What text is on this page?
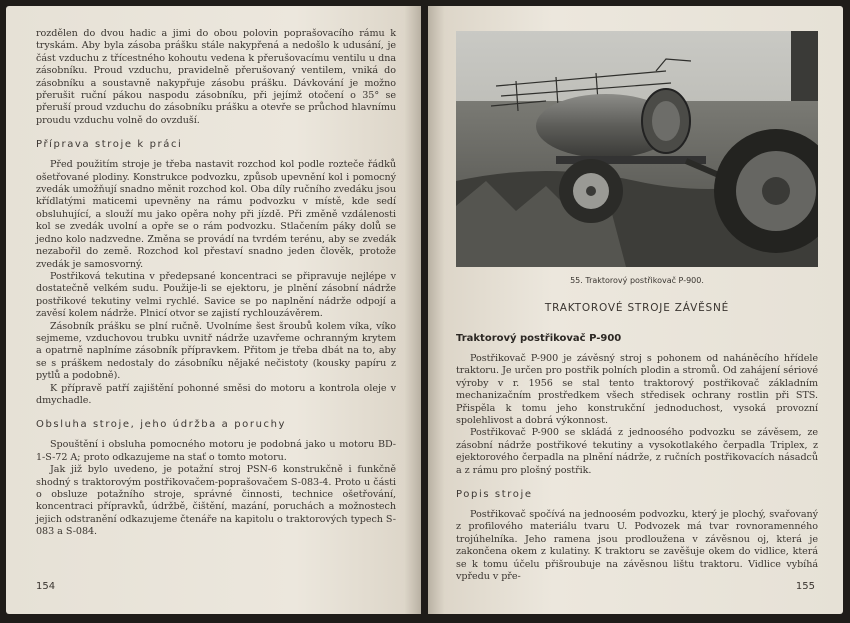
rozdělen do dvou hadic a jimi do obou polovin poprašovacího rámu k tryskám. Aby byla zásoba prášku stále nakypřená a nedošlo k udusání, je část vzduchu z třícestného kohoutu vedena k přerušovacímu ventilu u dna zásobníku. Proud vzduchu, pravidelně přerušovaný ventilem, vniká do zásobníku a soustavně nakypřuje zásobu prášku. Dávkování je možno přerušit ruční pákou naspodu zásobníku, při jejímž otočení o 35° se přeruší proud vzduchu do zásobníku prášku a otevře se průchod hlavnímu proudu vzduchu volně do ovzduší.

Příprava stroje k práci

Před použitím stroje je třeba nastavit rozchod kol podle rozteče řádků ošetřované plodiny. Konstrukce podvozku, způsob upevnění kol i pomocný zvedák umožňují snadno měnit rozchod kol. Oba díly ručního zvedáku jsou křídlatými maticemi upevněny na rámu podvozku v místě, kde sedí obsluhující, a slouží mu jako opěra nohy při jízdě. Při změně vzdálenosti kol se zvedák uvolní a opře se o rám podvozku. Stlačením páky dolů se jedno kolo nadzvedne. Změna se provádí na tvrdém terénu, aby se zvedák nezabořil do země. Rozchod kol přestaví snadno jeden člověk, protože zvedák je samosvorný.

Postřiková tekutina v předepsané koncentraci se připravuje nejlépe v dostatečně velkém sudu. Použije-li se ejektoru, je plnění zásobní nádrže postřikové tekutiny velmi rychlé. Savice se po naplnění nádrže odpojí a zavěsí kolem nádrže. Plnicí otvor se zajistí rychlouzávěrem.

Zásobník prášku se plní ručně. Uvolníme šest šroubů kolem víka, víko sejmeme, vzduchovou trubku uvnitř nádrže uzavřeme ochranným krytem a opatrně naplníme zásobník přípravkem. Přitom je třeba dbát na to, aby se s práškem nedostaly do zásobníku nějaké nečistoty (kousky papíru z pytlů a podobně).

K přípravě patří zajištění pohonné směsi do motoru a kontrola oleje v dmychadle.

Obsluha stroje, jeho údržba a poruchy

Spouštění i obsluha pomocného motoru je podobná jako u motoru BD-1-S-72 A; proto odkazujeme na stať o tomto motoru.

Jak již bylo uvedeno, je potažní stroj PSN-6 konstrukčně i funkčně shodný s traktorovým postřikovačem-poprašovačem S-083-4. Proto u části o obsluze potažního stroje, správné činnosti, technice ošetřování, koncentraci přípravků, údržbě, čištění, mazání, poruchách a možnostech jejich odstranění odkazujeme čtenáře na kapitolu o traktorových typech S-083 a S-084.

154
55. Traktorový postřikovač P-900.
TRAKTOROVÉ STROJE ZÁVĚSNÉ
Traktorový postřikovač P-900

Postřikovač P-900 je závěsný stroj s pohonem od naháněcího hřídele traktoru. Je určen pro postřik polních plodin a stromů. Od zahájení sériové výroby v r. 1956 se stal tento traktorový postřikovač základním mechanizačním prostředkem všech středisek ochrany rostlin při STS. Přispěla k tomu jeho konstrukční jednoduchost, vysoká provozní spolehlivost a dobrá výkonnost.

Postřikovač P-900 se skládá z jednoosého podvozku se závěsem, ze zásobní nádrže postřikové tekutiny a vysokotlakého čerpadla Triplex, z ejektorového čerpadla na plnění nádrže, z ručních postřikovacích násadců a z rámu pro plošný postřik.

Popis stroje

Postřikovač spočívá na jednoosém podvozku, který je plochý, svařovaný z profilového materiálu tvaru U. Podvozek má tvar rovnoramenného trojúhelníka. Jeho ramena jsou prodloužena v závěsnou oj, která je zakončena okem z kulatiny. K traktoru se zavěšuje okem do vidlice, která se k tomu účelu přišroubuje na závěsnou lištu traktoru. Vidlice vybíhá vpředu v pře-

155
